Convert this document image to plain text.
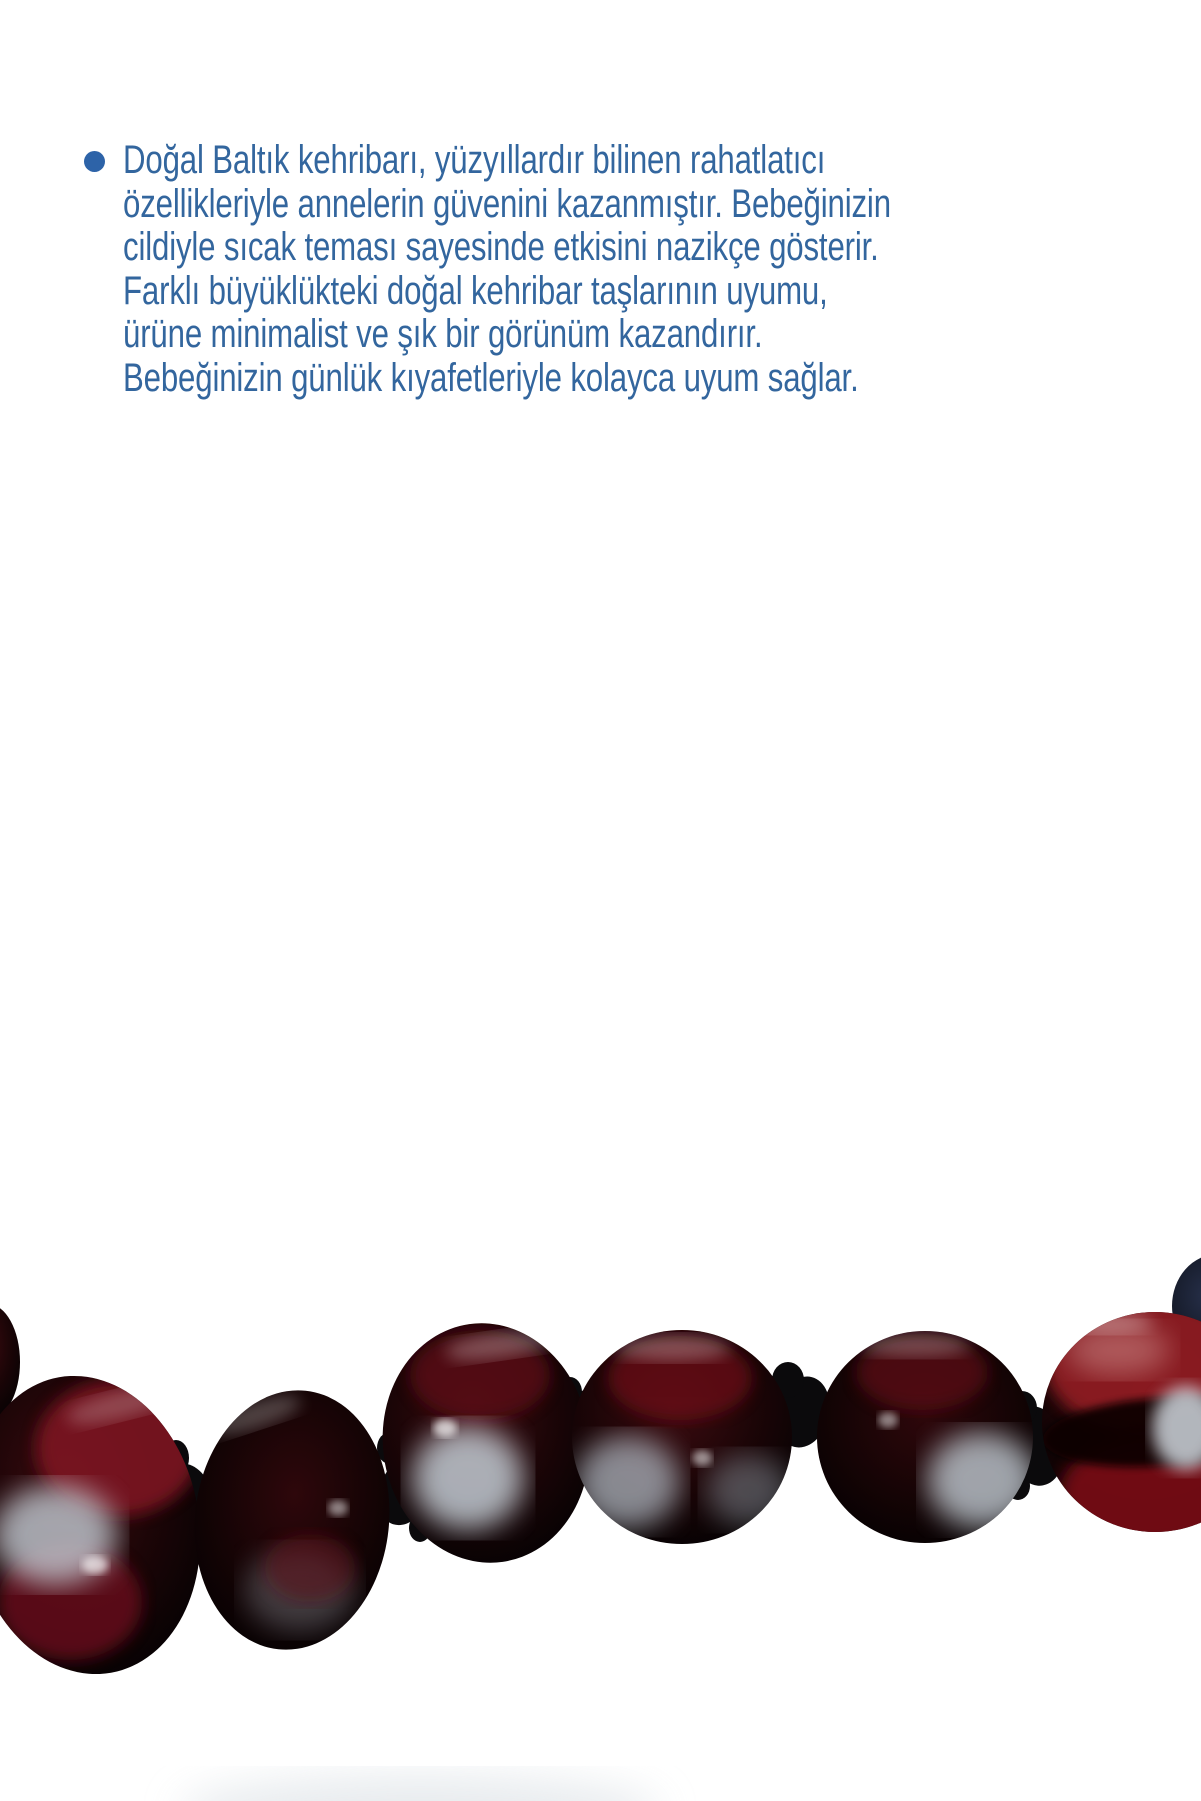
Doğal Baltık kehribarı, yüzyıllardır bilinen rahatlatıcı
özellikleriyle annelerin güvenini kazanmıştır. Bebeğinizin
cildiyle sıcak teması sayesinde etkisini nazikçe gösterir.
Farklı büyüklükteki doğal kehribar taşlarının uyumu,
ürüne minimalist ve şık bir görünüm kazandırır.
Bebeğinizin günlük kıyafetleriyle kolayca uyum sağlar.
